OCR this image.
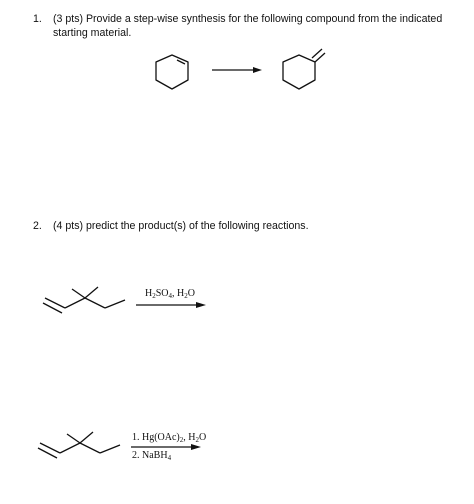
1. (3 pts) Provide a step-wise synthesis for the following compound from the indicated starting material.
2. (4 pts) predict the product(s) of the following reactions.
$H_2SO_4$, $H_2O$
1. $Hg(OAc)_2$, $H_2O$
2. NaBH$_4$
